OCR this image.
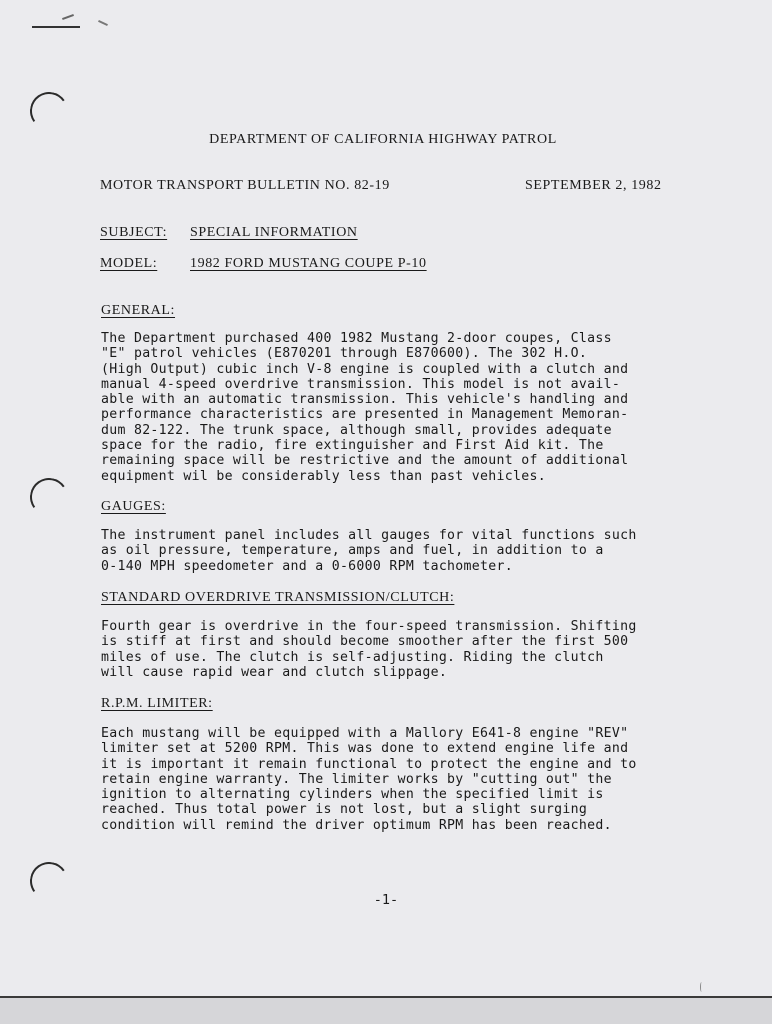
DEPARTMENT OF CALIFORNIA HIGHWAY PATROL
MOTOR TRANSPORT BULLETIN NO. 82-19	SEPTEMBER 2, 1982
SUBJECT: SPECIAL INFORMATION
MODEL: 1982 FORD MUSTANG COUPE P-10
GENERAL:
The Department purchased 400 1982 Mustang 2-door coupes, Class
"E" patrol vehicles (E870201 through E870600). The 302 H.O.
(High Output) cubic inch V-8 engine is coupled with a clutch and
manual 4-speed overdrive transmission. This model is not avail-
able with an automatic transmission. This vehicle's handling and
performance characteristics are presented in Management Memoran-
dum 82-122. The trunk space, although small, provides adequate
space for the radio, fire extinguisher and First Aid kit. The
remaining space will be restrictive and the amount of additional
equipment wil be considerably less than past vehicles.
GAUGES:
The instrument panel includes all gauges for vital functions such
as oil pressure, temperature, amps and fuel, in addition to a
0-140 MPH speedometer and a 0-6000 RPM tachometer.
STANDARD OVERDRIVE TRANSMISSION/CLUTCH:
Fourth gear is overdrive in the four-speed transmission. Shifting
is stiff at first and should become smoother after the first 500
miles of use. The clutch is self-adjusting. Riding the clutch
will cause rapid wear and clutch slippage.
R.P.M. LIMITER:
Each mustang will be equipped with a Mallory E641-8 engine "REV"
limiter set at 5200 RPM. This was done to extend engine life and
it is important it remain functional to protect the engine and to
retain engine warranty. The limiter works by "cutting out" the
ignition to alternating cylinders when the specified limit is
reached. Thus total power is not lost, but a slight surging
condition will remind the driver optimum RPM has been reached.
-1-
